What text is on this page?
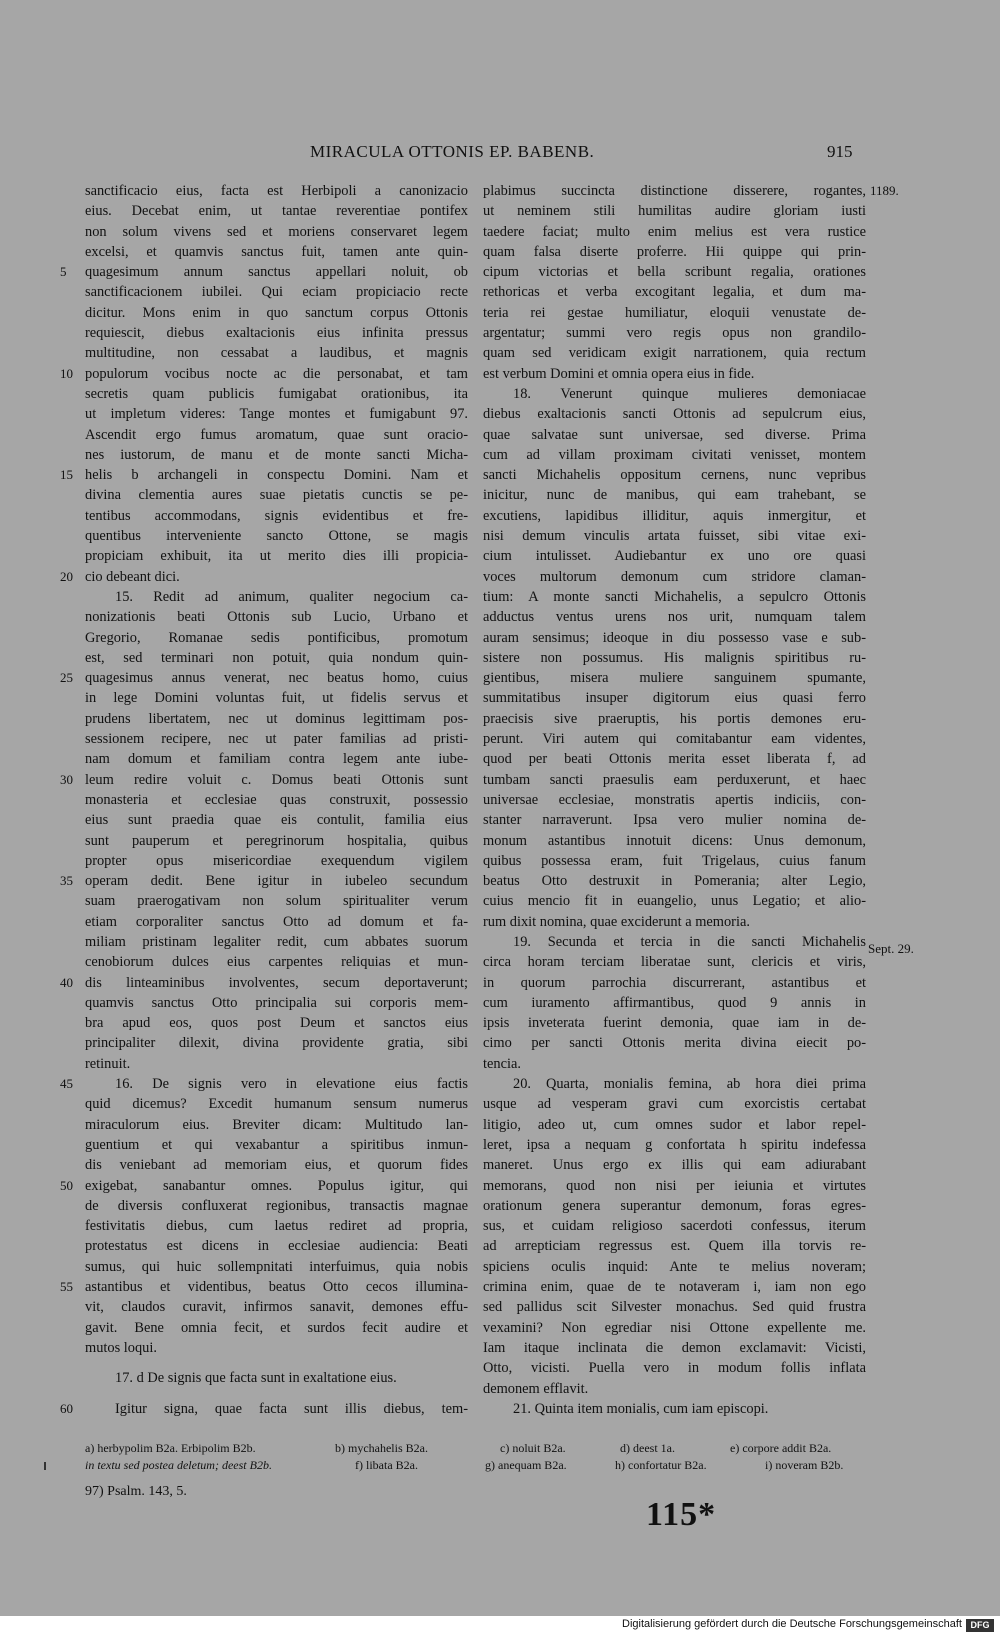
MIRACULA OTTONIS EP. BABENB.	915
sanctificacio eius, facta est Herbipoli a canonizacio
eius. Decebat enim, ut tantae reverentiae pontifex
non solum vivens sed et moriens conservaret legem
excelsi, et quamvis sanctus fuit, tamen ante quin-
quagesimum annum sanctus appellari noluit, ob
sanctificacionem iubilei. Qui eciam propiciacio recte
dicitur. Mons enim in quo sanctum corpus Ottonis
requiescit, diebus exaltacionis eius infinita pressus
multitudine, non cessabat a laudibus, et magnis
populorum vocibus nocte ac die personabat, et tam
secretis quam publicis fumigabat orationibus, ita
ut impletum videres: Tange montes et fumigabunt 97.
Ascendit ergo fumus aromatum, quae sunt oracio-
nes iustorum, de manu et de monte sancti Micha-
helis b archangeli in conspectu Domini. Nam et
divina clementia aures suae pietatis cunctis se pe-
tentibus accommodans, signis evidentibus et fre-
quentibus interveniente sancto Ottone, se magis
propiciam exhibuit, ita ut merito dies illi propicia-
cio debeant dici.
15. Redit ad animum, qualiter negocium ca-
nonizationis beati Ottonis sub Lucio, Urbano et
Gregorio, Romanae sedis pontificibus, promotum
est, sed terminari non potuit, quia nondum quin-
quagesimus annus venerat, nec beatus homo, cuius
in lege Domini voluntas fuit, ut fidelis servus et
prudens libertatem, nec ut dominus legittimam pos-
sessionem recipere, nec ut pater familias ad pristi-
nam domum et familiam contra legem ante iube-
leum redire voluit c. Domus beati Ottonis sunt
monasteria et ecclesiae quas construxit, possessio
eius sunt praedia quae eis contulit, familia eius
sunt pauperum et peregrinorum hospitalia, quibus
propter opus misericordiae exequendum vigilem
operam dedit. Bene igitur in iubeleo secundum
suam praerogativam non solum spiritualiter verum
etiam corporaliter sanctus Otto ad domum et fa-
miliam pristinam legaliter redit, cum abbates suorum
cenobiorum dulces eius carpentes reliquias et mun-
dis linteaminibus involventes, secum deportaverunt;
quamvis sanctus Otto principalia sui corporis mem-
bra apud eos, quos post Deum et sanctos eius
principaliter dilexit, divina providente gratia, sibi
retinuit.
16. De signis vero in elevatione eius factis
quid dicemus? Excedit humanum sensum numerus
miraculorum eius. Breviter dicam: Multitudo lan-
guentium et qui vexabantur a spiritibus inmun-
dis veniebant ad memoriam eius, et quorum fides
exigebat, sanabantur omnes. Populus igitur, qui
de diversis confluxerat regionibus, transactis magnae
festivitatis diebus, cum laetus rediret ad propria,
protestatus est dicens in ecclesiae audiencia: Beati
sumus, qui huic sollempnitati interfuimus, quia nobis
astantibus et videntibus, beatus Otto cecos illumina-
vit, claudos curavit, infirmos sanavit, demones effu-
gavit. Bene omnia fecit, et surdos fecit audire et
mutos loqui.
17. d De signis que facta sunt in exaltatione eius.
Igitur signa, quae facta sunt illis diebus, tem-
plabimus succincta distinctione disserere, rogantes,
ut neminem stili humilitas audire gloriam iusti
taedere faciat; multo enim melius est vera rustice
quam falsa diserte proferre. Hii quippe qui prin-
cipum victorias et bella scribunt regalia, orationes
rethoricas et verba excogitant legalia, et dum ma-
teria rei gestae humiliatur, eloquii venustate de-
argentatur; summi vero regis opus non grandilo-
quam sed veridicam exigit narrationem, quia rectum
est verbum Domini et omnia opera eius in fide.
18. Venerunt quinque mulieres demoniacae
diebus exaltacionis sancti Ottonis ad sepulcrum eius,
quae salvatae sunt universae, sed diverse. Prima
cum ad villam proximam civitati venisset, montem
sancti Michahelis oppositum cernens, nunc vepribus
inicitur, nunc de manibus, qui eam trahebant, se
excutiens, lapidibus illiditur, aquis inmergitur, et
nisi demum vinculis artata fuisset, sibi vitae exi-
cium intulisset. Audiebantur ex uno ore quasi
voces multorum demonum cum stridore claman-
tium: A monte sancti Michahelis, a sepulcro Ottonis
adductus ventus urens nos urit, numquam talem
auram sensimus; ideoque in diu possesso vase e sub-
sistere non possumus. His malignis spiritibus ru-
gientibus, misera muliere sanguinem spumante,
summitatibus insuper digitorum eius quasi ferro
praecisis sive praeruptis, his portis demones eru-
perunt. Viri autem qui comitabantur eam videntes,
quod per beati Ottonis merita esset liberata f, ad
tumbam sancti praesulis eam perduxerunt, et haec
universae ecclesiae, monstratis apertis indiciis, con-
stanter narraverunt. Ipsa vero mulier nomina de-
monum astantibus innotuit dicens: Unus demonum,
quibus possessa eram, fuit Trigelaus, cuius fanum
beatus Otto destruxit in Pomerania; alter Legio,
cuius mencio fit in euangelio, unus Legatio; et alio-
rum dixit nomina, quae exciderunt a memoria.
19. Secunda et tercia in die sancti Michahelis
circa horam terciam liberatae sunt, clericis et viris,
in quorum parrochia discurrerant, astantibus et
cum iuramento affirmantibus, quod 9 annis in
ipsis inveterata fuerint demonia, quae iam in de-
cimo per sancti Ottonis merita divina eiecit po-
tencia.
20. Quarta, monialis femina, ab hora diei prima
usque ad vesperam gravi cum exorcistis certabat
litigio, adeo ut, cum omnes sudor et labor repel-
leret, ipsa a nequam g confortata h spiritu indefessa
maneret. Unus ergo ex illis qui eam adiurabant
memorans, quod non nisi per ieiunia et virtutes
orationum genera superantur demonum, foras egres-
sus, et cuidam religioso sacerdoti confessus, iterum
ad arrepticiam regressus est. Quem illa torvis re-
spiciens oculis inquid: Ante te melius noveram;
crimina enim, quae de te notaveram i, iam non ego
sed pallidus scit Silvester monachus. Sed quid frustra
vexamini? Non egrediar nisi Ottone expellente me.
Iam itaque inclinata die demon exclamavit: Vicisti,
Otto, vicisti. Puella vero in modum follis inflata
demonem efflavit.
21. Quinta item monialis, cum iam episcopi.
1189.
Sept. 29.
a) herbypolim B2a. Erbipolim B2b.	b) mychahelis B2a.	c) noluit B2a.	d) deest 1a.	e) corpore addit B2a.
in textu sed postea deletum; deest B2b.	f) libata B2a.	g) anequam B2a.	h) confortatur B2a.	i) noveram B2b.
97) Psalm. 143, 5.
115*
Digitalisierung gefördert durch die Deutsche Forschungsgemeinschaft DFG
5
10
15
20
25
30
35
40
45
50
55
60
